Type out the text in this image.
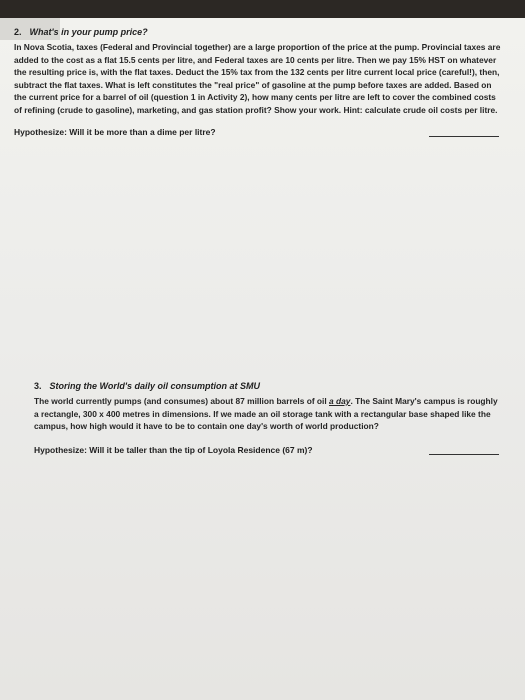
2. What's in your pump price?

In Nova Scotia, taxes (Federal and Provincial together) are a large proportion of the price at the pump. Provincial taxes are added to the cost as a flat 15.5 cents per litre, and Federal taxes are 10 cents per litre. Then we pay 15% HST on whatever the resulting price is, with the flat taxes. Deduct the 15% tax from the 132 cents per litre current local price (careful!), then, subtract the flat taxes. What is left constitutes the "real price" of gasoline at the pump before taxes are added. Based on the current price for a barrel of oil (question 1 in Activity 2), how many cents per litre are left to cover the combined costs of refining (crude to gasoline), marketing, and gas station profit? Show your work. Hint: calculate crude oil costs per litre.

Hypothesize: Will it be more than a dime per litre?

3. Storing the World's daily oil consumption at SMU

The world currently pumps (and consumes) about 87 million barrels of oil a day. The Saint Mary's campus is roughly a rectangle, 300 x 400 metres in dimensions. If we made an oil storage tank with a rectangular base shaped like the campus, how high would it have to be to contain one day's worth of world production?

Hypothesize: Will it be taller than the tip of Loyola Residence (67 m)?
